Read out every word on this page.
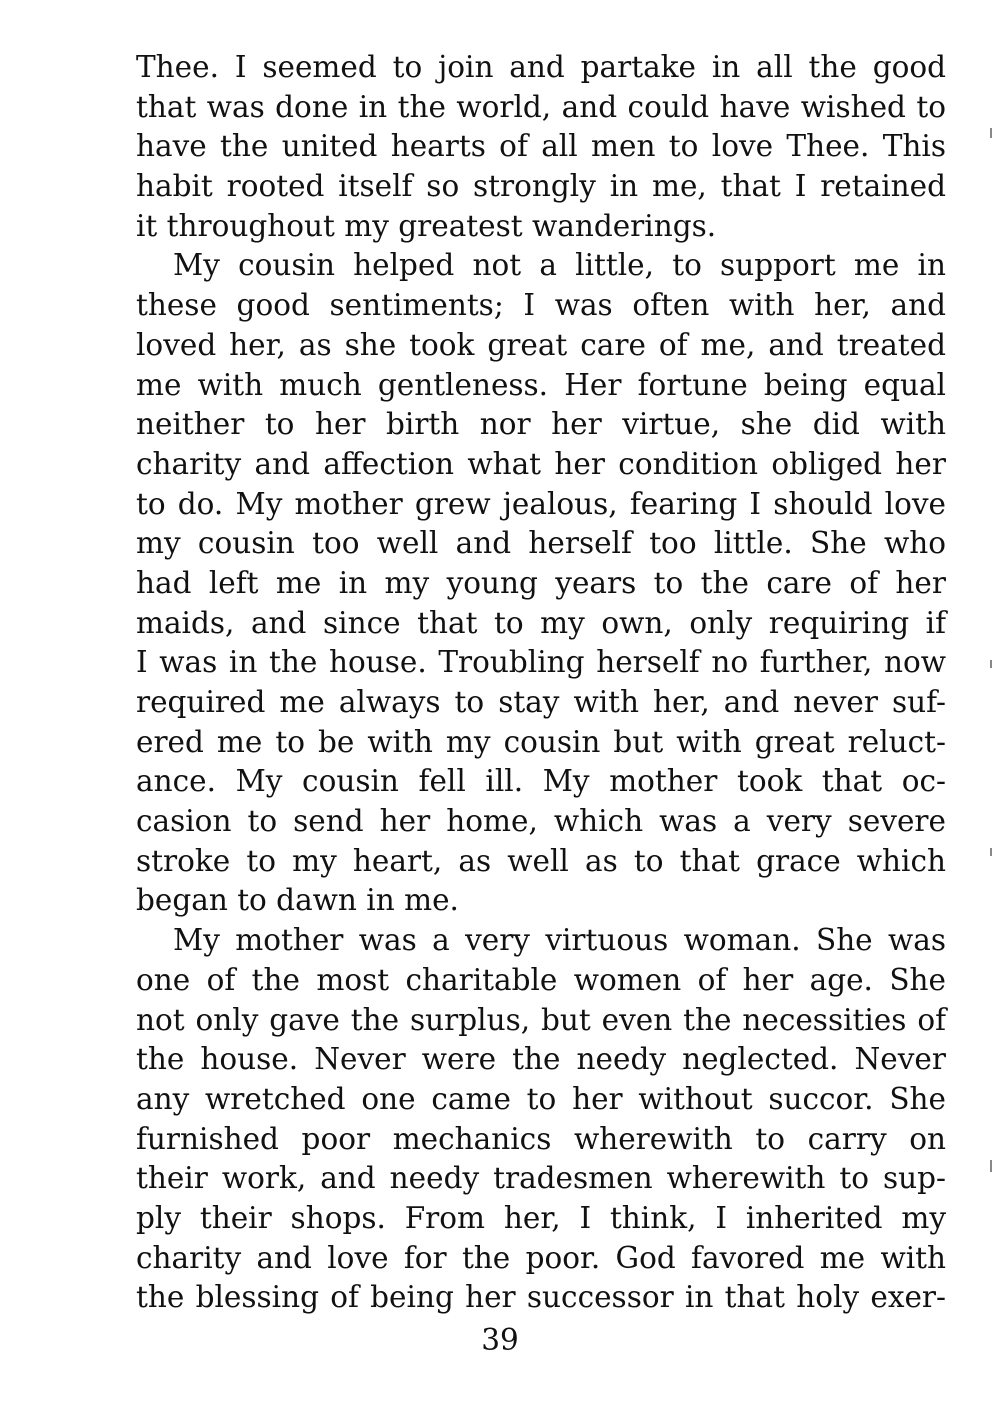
Thee. I seemed to join and partake in all the good
that was done in the world, and could have wished to
have the united hearts of all men to love Thee. This
habit rooted itself so strongly in me, that I retained
it throughout my greatest wanderings.
My cousin helped not a little, to support me in
these good sentiments; I was often with her, and
loved her, as she took great care of me, and treated
me with much gentleness. Her fortune being equal
neither to her birth nor her virtue, she did with
charity and affection what her condition obliged her
to do. My mother grew jealous, fearing I should love
my cousin too well and herself too little. She who
had left me in my young years to the care of her
maids, and since that to my own, only requiring if
I was in the house. Troubling herself no further, now
required me always to stay with her, and never suf-
ered me to be with my cousin but with great reluct-
ance. My cousin fell ill. My mother took that oc-
casion to send her home, which was a very severe
stroke to my heart, as well as to that grace which
began to dawn in me.
My mother was a very virtuous woman. She was
one of the most charitable women of her age. She
not only gave the surplus, but even the necessities of
the house. Never were the needy neglected. Never
any wretched one came to her without succor. She
furnished poor mechanics wherewith to carry on
their work, and needy tradesmen wherewith to sup-
ply their shops. From her, I think, I inherited my
charity and love for the poor. God favored me with
the blessing of being her successor in that holy exer-
39
